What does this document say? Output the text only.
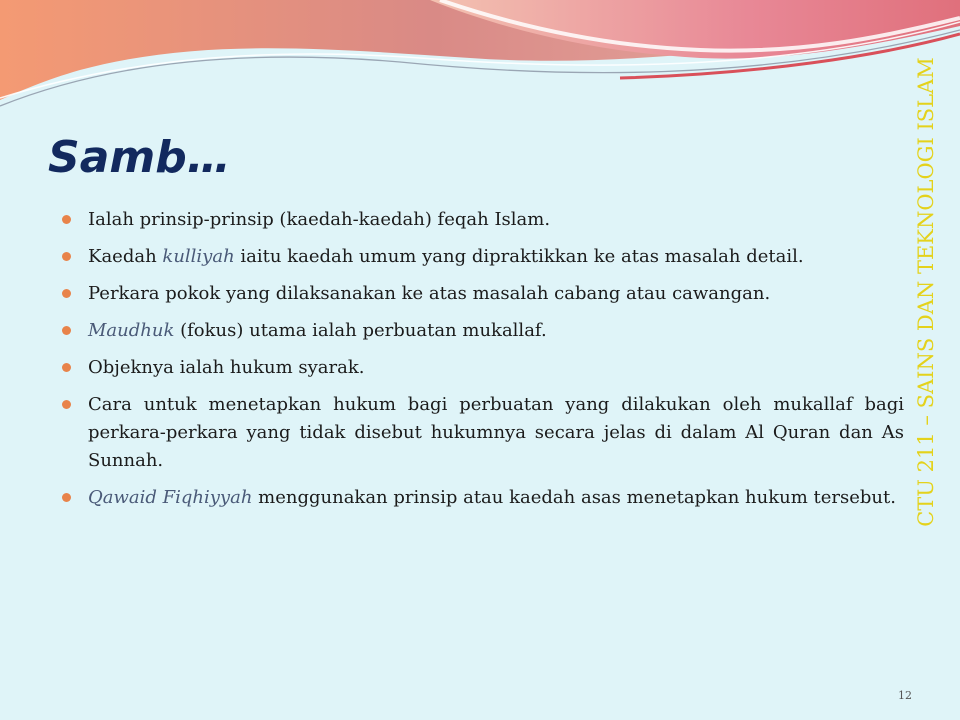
Samb…
Ialah prinsip-prinsip (kaedah-kaedah) feqah Islam.
Kaedah kulliyah iaitu kaedah umum yang dipraktikkan ke atas masalah detail.
Perkara pokok yang dilaksanakan ke atas masalah cabang atau cawangan.
Maudhuk (fokus) utama ialah perbuatan mukallaf.
Objeknya ialah hukum syarak.
Cara untuk menetapkan hukum bagi perbuatan yang dilakukan oleh mukallaf bagi perkara-perkara yang tidak disebut hukumnya secara jelas di dalam Al Quran dan As Sunnah.
Qawaid Fiqhiyyah menggunakan prinsip atau kaedah asas menetapkan hukum tersebut. CTU 211 – SAINS DAN TEKNOLOGI ISLAM
12
